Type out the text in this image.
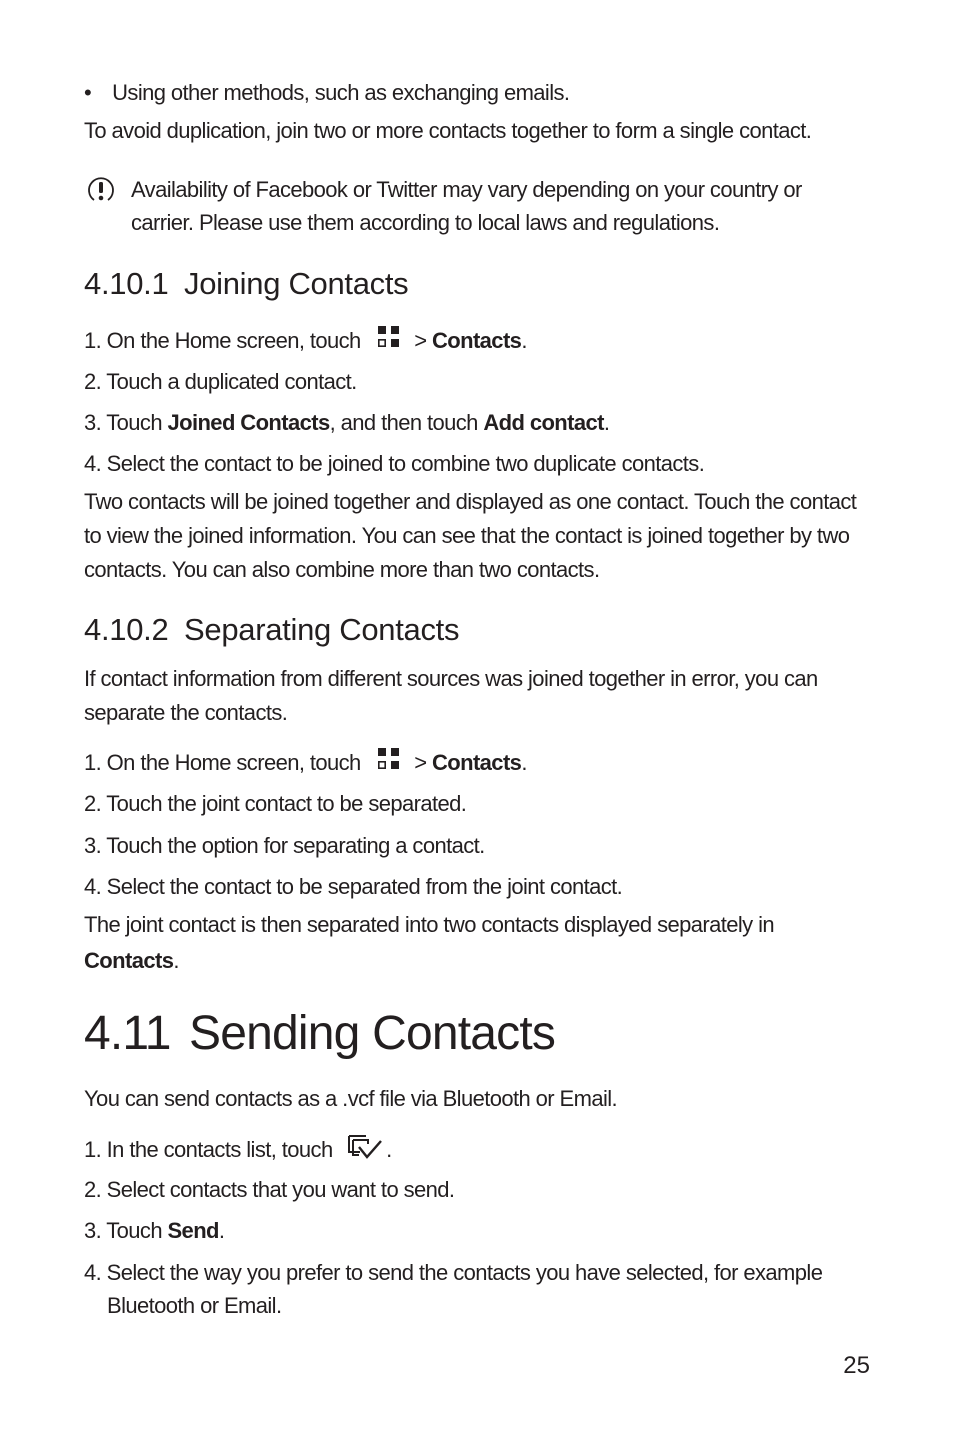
• Using other methods, such as exchanging emails.

To avoid duplication, join two or more contacts together to form a single contact.

Availability of Facebook or Twitter may vary depending on your country or

carrier. Please use them according to local laws and regulations.

4.10.1 Joining Contacts

1. On the Home screen, touch > Contacts.

2. Touch a duplicated contact.

3. Touch Joined Contacts, and then touch Add contact.

4. Select the contact to be joined to combine two duplicate contacts.

Two contacts will be joined together and displayed as one contact. Touch the contact

to view the joined information. You can see that the contact is joined together by two

contacts. You can also combine more than two contacts.

4.10.2 Separating Contacts

If contact information from different sources was joined together in error, you can

separate the contacts.

1. On the Home screen, touch > Contacts.

2. Touch the joint contact to be separated.

3. Touch the option for separating a contact.

4. Select the contact to be separated from the joint contact.

The joint contact is then separated into two contacts displayed separately in

Contacts.

4.11 Sending Contacts

You can send contacts as a .vcf file via Bluetooth or Email.

1. In the contacts list, touch .

2. Select contacts that you want to send.

3. Touch Send.

4. Select the way you prefer to send the contacts you have selected, for example

Bluetooth or Email.

25
